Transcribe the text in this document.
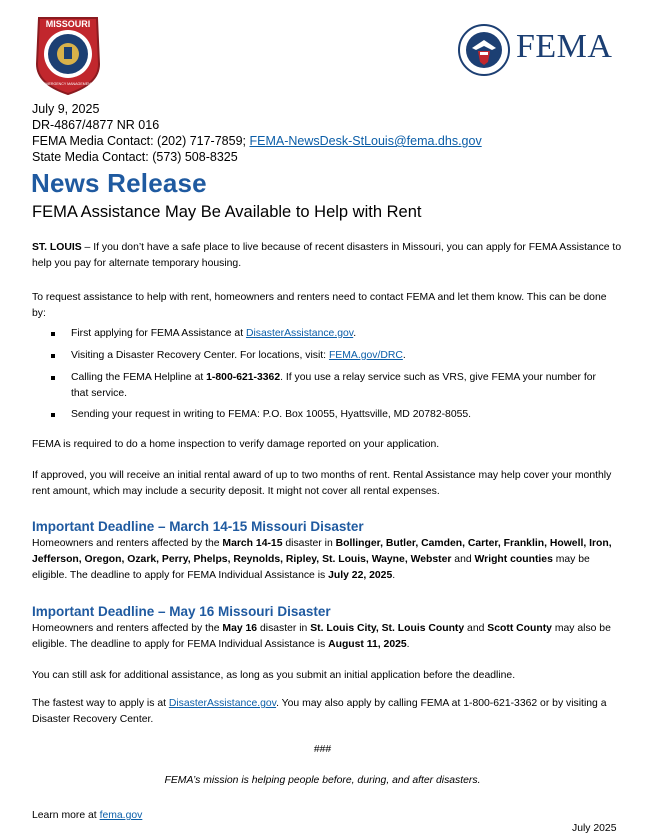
MISSOURI
EMERGENCY MANAGEMENT
FEMA
July 9, 2025
DR-4867/4877 NR 016
FEMA Media Contact: (202) 717-7859; FEMA-NewsDesk-StLouis@fema.dhs.gov
State Media Contact: (573) 508-8325
News Release
FEMA Assistance May Be Available to Help with Rent
ST. LOUIS – If you don’t have a safe place to live because of recent disasters in Missouri, you can apply for FEMA Assistance to help you pay for alternate temporary housing.
To request assistance to help with rent, homeowners and renters need to contact FEMA and let them know. This can be done by:
First applying for FEMA Assistance at DisasterAssistance.gov.
Visiting a Disaster Recovery Center. For locations, visit: FEMA.gov/DRC.
Calling the FEMA Helpline at 1-800-621-3362. If you use a relay service such as VRS, give FEMA your number for that service.
Sending your request in writing to FEMA: P.O. Box 10055, Hyattsville, MD 20782-8055.
FEMA is required to do a home inspection to verify damage reported on your application.
If approved, you will receive an initial rental award of up to two months of rent. Rental Assistance may help cover your monthly rent amount, which may include a security deposit. It might not cover all rental expenses.
Important Deadline – March 14-15 Missouri Disaster
Homeowners and renters affected by the March 14-15 disaster in Bollinger, Butler, Camden, Carter, Franklin, Howell, Iron, Jefferson, Oregon, Ozark, Perry, Phelps, Reynolds, Ripley, St. Louis, Wayne, Webster and Wright counties may be eligible. The deadline to apply for FEMA Individual Assistance is July 22, 2025.
Important Deadline – May 16 Missouri Disaster
Homeowners and renters affected by the May 16 disaster in St. Louis City, St. Louis County and Scott County may also be eligible. The deadline to apply for FEMA Individual Assistance is August 11, 2025.
You can still ask for additional assistance, as long as you submit an initial application before the deadline.
The fastest way to apply is at DisasterAssistance.gov. You may also apply by calling FEMA at 1-800-621-3362 or by visiting a Disaster Recovery Center.
###
FEMA’s mission is helping people before, during, and after disasters.
Learn more at fema.gov
July 2025
